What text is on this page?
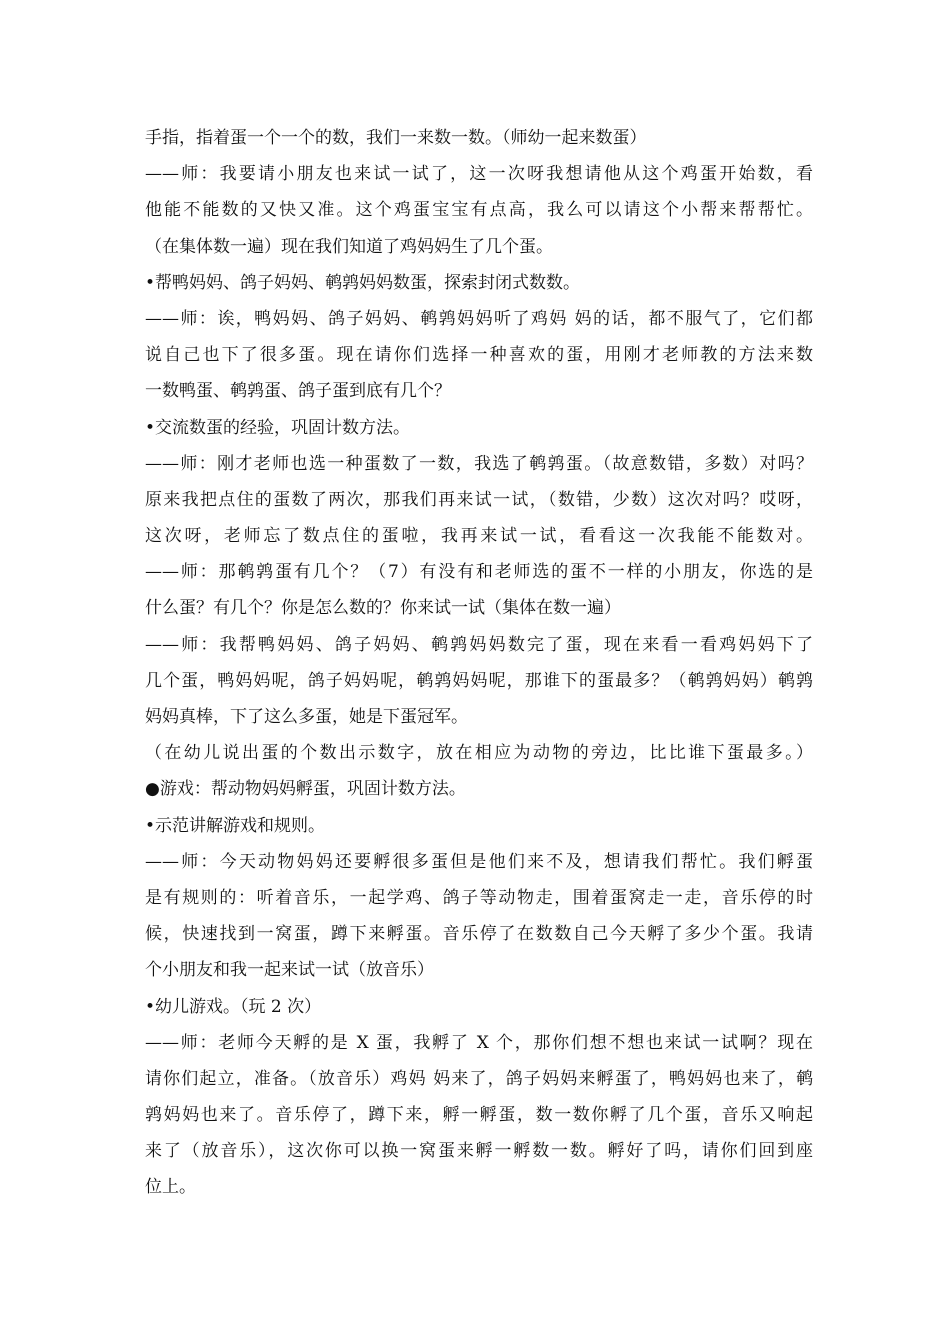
手指，指着蛋一个一个的数，我们一来数一数。（师幼一起来数蛋）
——师：我要请小朋友也来试一试了，这一次呀我想请他从这个鸡蛋开始数，看
他能不能数的又快又准。这个鸡蛋宝宝有点高，我么可以请这个小帮来帮帮忙。
（在集体数一遍）现在我们知道了鸡妈妈生了几个蛋。
•帮鸭妈妈、鸽子妈妈、鹌鹑妈妈数蛋，探索封闭式数数。
——师：诶，鸭妈妈、鸽子妈妈、鹌鹑妈妈听了鸡妈 妈的话，都不服气了，它们都
说自己也下了很多蛋。现在请你们选择一种喜欢的蛋，用刚才老师教的方法来数
一数鸭蛋、鹌鹑蛋、鸽子蛋到底有几个？
•交流数蛋的经验，巩固计数方法。
——师：刚才老师也选一种蛋数了一数，我选了鹌鹑蛋。（故意数错，多数）对吗？
原来我把点住的蛋数了两次，那我们再来试一试，（数错，少数）这次对吗？哎呀，
这次呀，老师忘了数点住的蛋啦，我再来试一试，看看这一次我能不能数对。
——师：那鹌鹑蛋有几个？（7）有没有和老师选的蛋不一样的小朋友，你选的是
什么蛋？有几个？你是怎么数的？你来试一试（集体在数一遍）
——师：我帮鸭妈妈、鸽子妈妈、鹌鹑妈妈数完了蛋，现在来看一看鸡妈妈下了
几个蛋，鸭妈妈呢，鸽子妈妈呢，鹌鹑妈妈呢，那谁下的蛋最多？（鹌鹑妈妈）鹌鹑
妈妈真棒，下了这么多蛋，她是下蛋冠军。
（在幼儿说出蛋的个数出示数字，放在相应为动物的旁边，比比谁下蛋最多。）
●游戏：帮动物妈妈孵蛋，巩固计数方法。
•示范讲解游戏和规则。
——师：今天动物妈妈还要孵很多蛋但是他们来不及，想请我们帮忙。我们孵蛋
是有规则的：听着音乐，一起学鸡、鸽子等动物走，围着蛋窝走一走，音乐停的时
候，快速找到一窝蛋，蹲下来孵蛋。音乐停了在数数自己今天孵了多少个蛋。我请
个小朋友和我一起来试一试（放音乐）
•幼儿游戏。（玩 2 次）
——师：老师今天孵的是 X 蛋，我孵了 X 个，那你们想不想也来试一试啊？现在
请你们起立，准备。（放音乐）鸡妈 妈来了，鸽子妈妈来孵蛋了，鸭妈妈也来了，鹌
鹑妈妈也来了。音乐停了，蹲下来，孵一孵蛋，数一数你孵了几个蛋，音乐又响起
来了（放音乐），这次你可以换一窝蛋来孵一孵数一数。孵好了吗，请你们回到座
位上。
